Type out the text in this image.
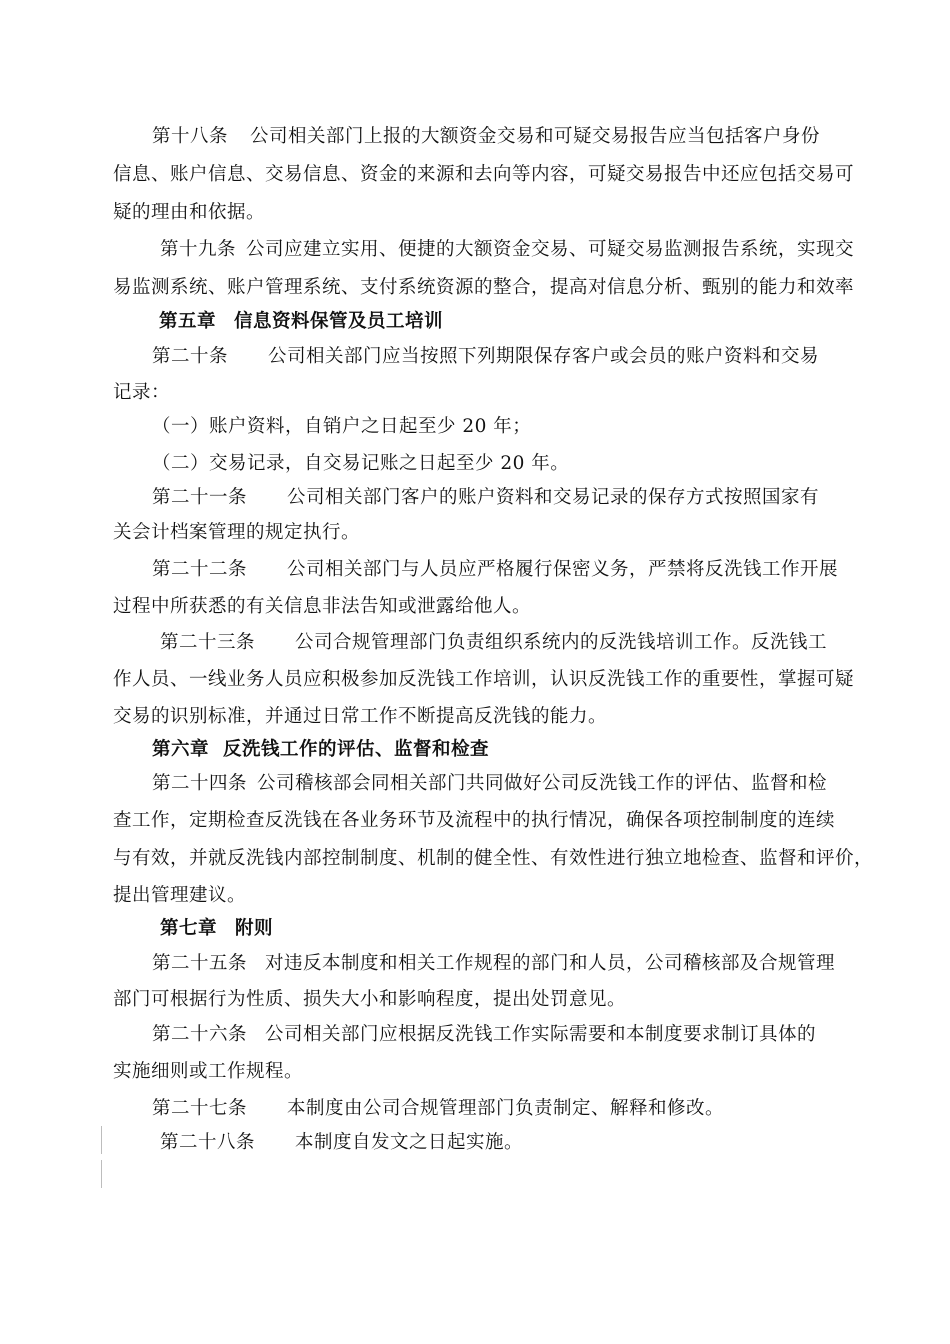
第十八条 公司相关部门上报的大额资金交易和可疑交易报告应当包括客户身份
信息、账户信息、交易信息、资金的来源和去向等内容，可疑交易报告中还应包括交易可
疑的理由和依据。
第十九条 公司应建立实用、便捷的大额资金交易、可疑交易监测报告系统，实现交
易监测系统、账户管理系统、支付系统资源的整合，提高对信息分析、甄别的能力和效率
第五章 信息资料保管及员工培训
第二十条 公司相关部门应当按照下列期限保存客户或会员的账户资料和交易
记录：
（一）账户资料，自销户之日起至少 20 年；
（二）交易记录，自交易记账之日起至少 20 年。
第二十一条 公司相关部门客户的账户资料和交易记录的保存方式按照国家有
关会计档案管理的规定执行。
第二十二条 公司相关部门与人员应严格履行保密义务，严禁将反洗钱工作开展
过程中所获悉的有关信息非法告知或泄露给他人。
第二十三条 公司合规管理部门负责组织系统内的反洗钱培训工作。反洗钱工
作人员、一线业务人员应积极参加反洗钱工作培训，认识反洗钱工作的重要性，掌握可疑
交易的识别标准，并通过日常工作不断提高反洗钱的能力。
第六章 反洗钱工作的评估、监督和检查
第二十四条 公司稽核部会同相关部门共同做好公司反洗钱工作的评估、监督和检
查工作，定期检查反洗钱在各业务环节及流程中的执行情况，确保各项控制制度的连续
与有效，并就反洗钱内部控制制度、机制的健全性、有效性进行独立地检查、监督和评价，
提出管理建议。
第七章 附则
第二十五条 对违反本制度和相关工作规程的部门和人员，公司稽核部及合规管理
部门可根据行为性质、损失大小和影响程度，提出处罚意见。
第二十六条 公司相关部门应根据反洗钱工作实际需要和本制度要求制订具体的
实施细则或工作规程。
第二十七条 本制度由公司合规管理部门负责制定、解释和修改。
第二十八条 本制度自发文之日起实施。
